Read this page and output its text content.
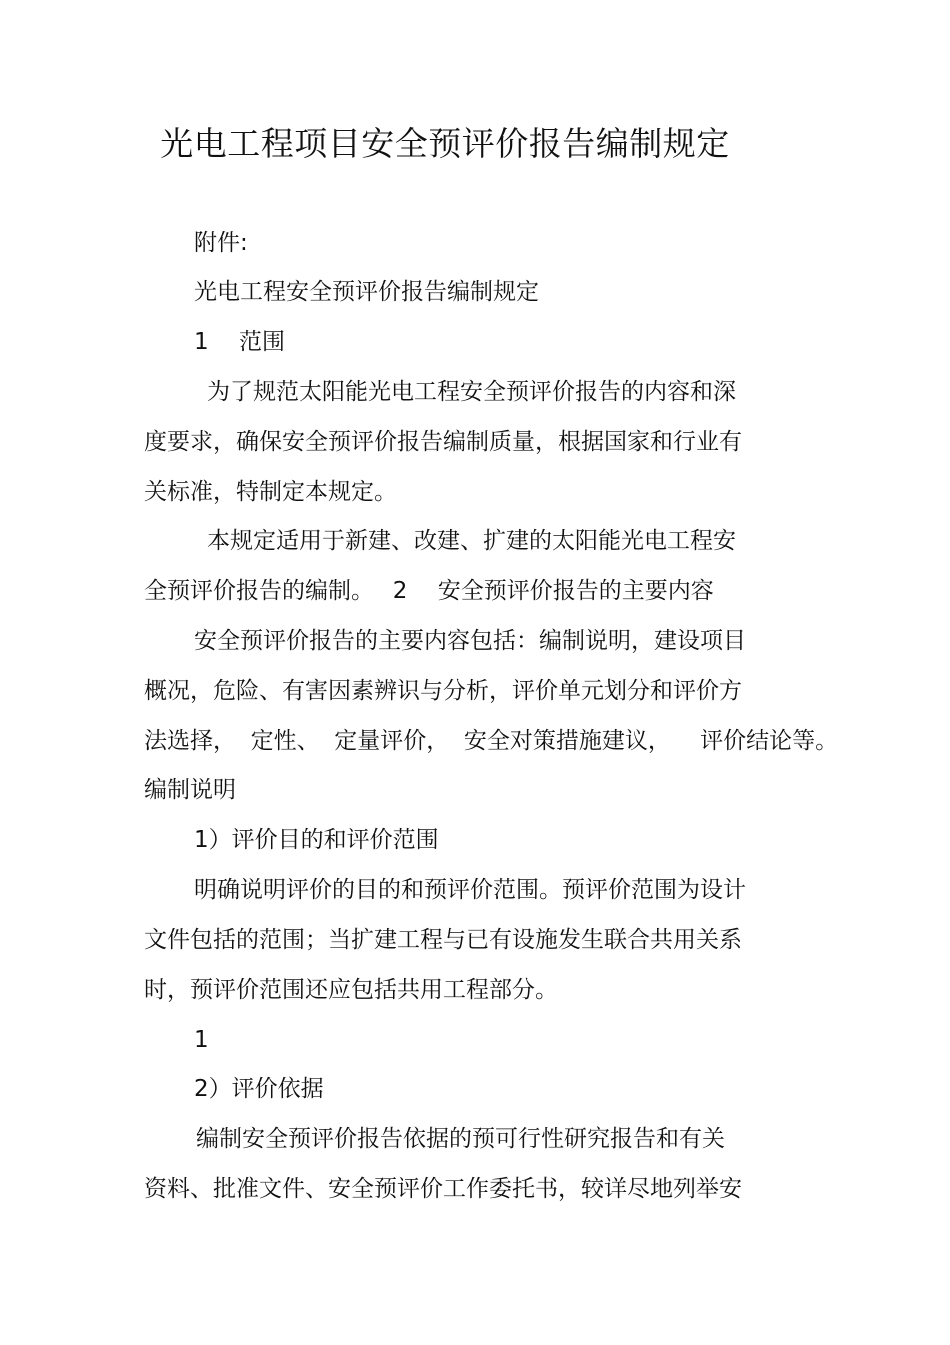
光电工程项目安全预评价报告编制规定
附件:
光电工程安全预评价报告编制规定
1　 范围
为了规范太阳能光电工程安全预评价报告的内容和深
度要求，确保安全预评价报告编制质量，根据国家和行业有
关标准，特制定本规定。
本规定适用于新建、改建、扩建的太阳能光电工程安
全预评价报告的编制。　 2　 安全预评价报告的主要内容
安全预评价报告的主要内容包括：编制说明，建设项目
概况，危险、有害因素辨识与分析，评价单元划分和评价方
法选择，  定性、  定量评价，  安全对策措施建议，    评价结论等。
编制说明
1）评价目的和评价范围
明确说明评价的目的和预评价范围。预评价范围为设计
文件包括的范围；当扩建工程与已有设施发生联合共用关系
时，预评价范围还应包括共用工程部分。
1
2）评价依据
编制安全预评价报告依据的预可行性研究报告和有关
资料、批准文件、安全预评价工作委托书，较详尽地列举安
